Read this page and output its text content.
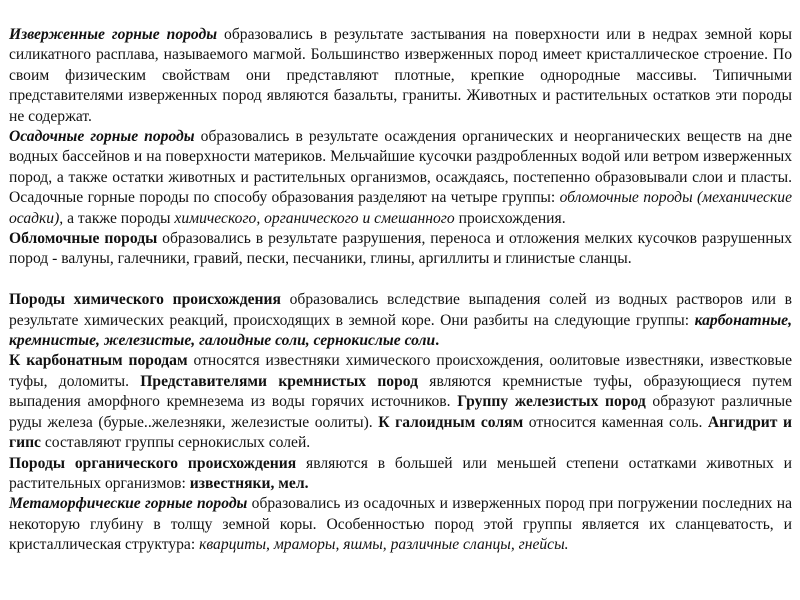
Изверженные горные породы образовались в результате застывания на поверхности или в недрах земной коры силикатного расплава, называемого магмой. Большинство изверженных пород имеет кристаллическое строение. По своим физическим свойствам они представляют плотные, крепкие однородные массивы. Типичными представителями изверженных пород являются базальты, граниты. Животных и растительных остатков эти породы не содержат.

Осадочные горные породы образовались в результате осаждения органических и неорганических веществ на дне водных бассейнов и на поверхности материков. Мельчайшие кусочки раздробленных водой или ветром изверженных пород, а также остатки животных и растительных организмов, осаждаясь, постепенно образовывали слои и пласты. Осадочные горные породы по способу образования разделяют на четыре группы: обломочные породы (механические осадки), а также породы химического, органического и смешанного происхождения.

Обломочные породы образовались в результате разрушения, переноса и отложения мелких кусочков разрушенных пород - валуны, галечники, гравий, пески, песчаники, глины, аргиллиты и глинистые сланцы.

Породы химического происхождения образовались вследствие выпадения солей из водных растворов или в результате химических реакций, происходящих в земной коре. Они разбиты на следующие группы: карбонатные, кремнистые, железистые, галоидные соли, сернокислые соли.

К карбонатным породам относятся известняки химического происхождения, оолитовые известняки, известковые туфы, доломиты. Представителями кремнистых пород являются кремнистые туфы, образующиеся путем выпадения аморфного кремнезема из воды горячих источников. Группу железистых пород образуют различные руды железа (бурые..железняки, железистые оолиты). К галоидным солям относится каменная соль. Ангидрит и гипс составляют группы сернокислых солей.

Породы органического происхождения являются в большей или меньшей степени остатками животных и растительных организмов: известняки, мел.

Метаморфические горные породы образовались из осадочных и изверженных пород при погружении последних на некоторую глубину в толщу земной коры. Особенностью пород этой группы является их сланцеватость, и кристаллическая структура: кварциты, мраморы, яшмы, различные сланцы, гнейсы.
